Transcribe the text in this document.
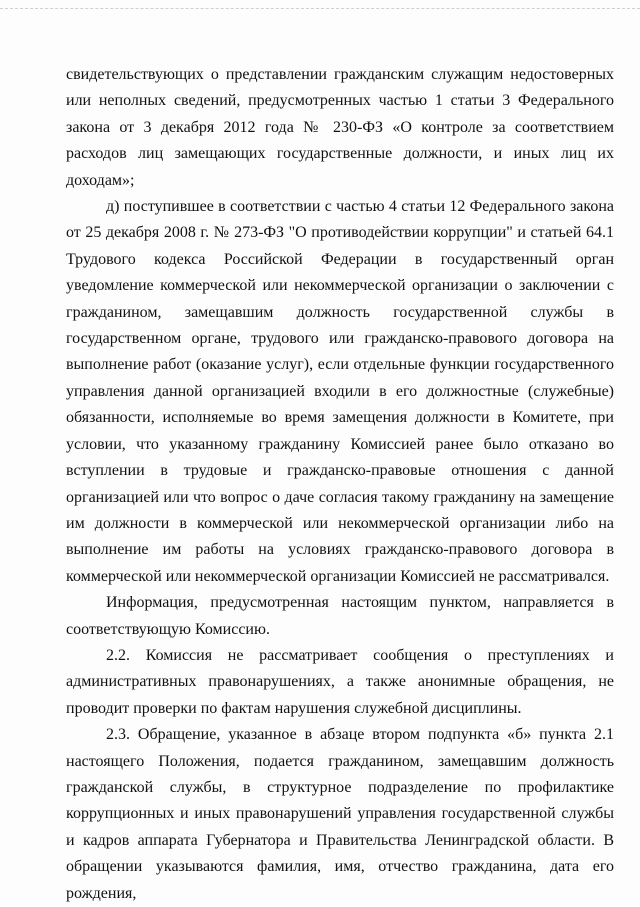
свидетельствующих о представлении гражданским служащим недостоверных или неполных сведений, предусмотренных частью 1 статьи 3 Федерального закона от 3 декабря 2012 года № 230-ФЗ «О контроле за соответствием расходов лиц замещающих государственные должности, и иных лиц их доходам»;

д) поступившее в соответствии с частью 4 статьи 12 Федерального закона от 25 декабря 2008 г. № 273-ФЗ "О противодействии коррупции" и статьей 64.1 Трудового кодекса Российской Федерации в государственный орган уведомление коммерческой или некоммерческой организации о заключении с гражданином, замещавшим должность государственной службы в государственном органе, трудового или гражданско-правового договора на выполнение работ (оказание услуг), если отдельные функции государственного управления данной организацией входили в его должностные (служебные) обязанности, исполняемые во время замещения должности в Комитете, при условии, что указанному гражданину Комиссией ранее было отказано во вступлении в трудовые и гражданско-правовые отношения с данной организацией или что вопрос о даче согласия такому гражданину на замещение им должности в коммерческой или некоммерческой организации либо на выполнение им работы на условиях гражданско-правового договора в коммерческой или некоммерческой организации Комиссией не рассматривался.

Информация, предусмотренная настоящим пунктом, направляется в соответствующую Комиссию.

2.2. Комиссия не рассматривает сообщения о преступлениях и административных правонарушениях, а также анонимные обращения, не проводит проверки по фактам нарушения служебной дисциплины.

2.3. Обращение, указанное в абзаце втором подпункта «б» пункта 2.1 настоящего Положения, подается гражданином, замещавшим должность гражданской службы, в структурное подразделение по профилактике коррупционных и иных правонарушений управления государственной службы и кадров аппарата Губернатора и Правительства Ленинградской области. В обращении указываются фамилия, имя, отчество гражданина, дата его рождения,
